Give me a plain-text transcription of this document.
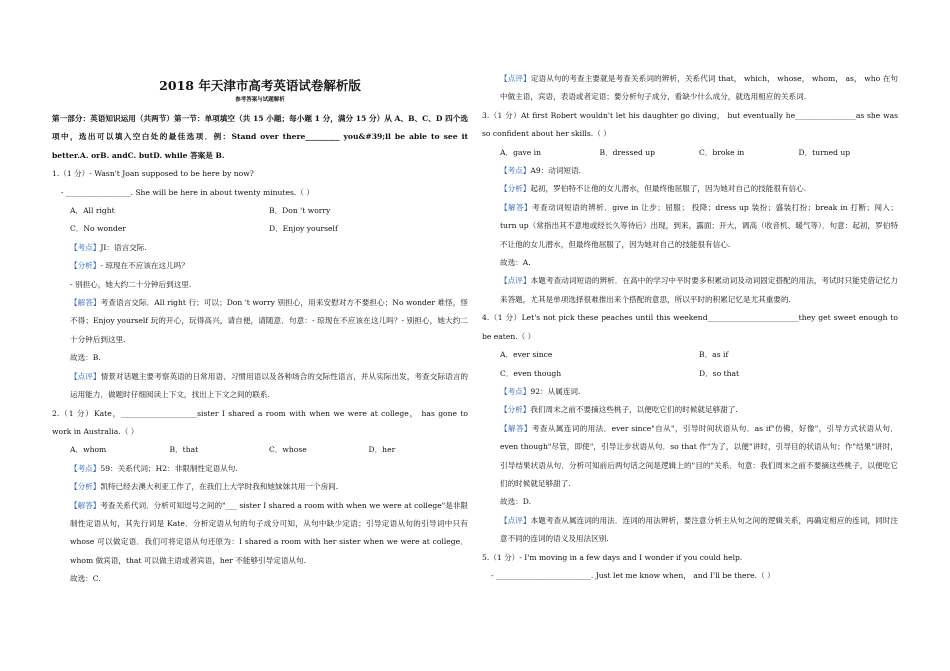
2018 年天津市高考英语试卷解析版
参考答案与试题解析
第一部分：英语知识运用（共两节）第一节：单项填空（共 15 小题；每小题 1 分，满分 15 分）从 A、B、C、D 四个选项中，选出可以填入空白处的最佳选项．例：Stand over there_________ you&#39;ll be able to see it better.A. orB. andC. butD. while 答案是 B.
1.（1 分）- Wasn't Joan supposed to be here by now?
- _________________. She will be here in about twenty minutes.（ ）
A．All right	B．Don 't worry
C．No wonder	D．Enjoy yourself
【考点】JI：语言交际.
【分析】- 琼现在不应该在这儿吗？
- 别担心，她大约二十分钟后到这里.
【解答】考查语言交际．All right 行；可以；Don 't worry 别担心，用来安慰对方不要担心；No wonder 难怪，怪不得；Enjoy yourself 玩的开心，玩得高兴，请自便，请随意．句意：- 琼现在不应该在这儿吗？- 别担心，她大约二十分钟后到这里.
故选：B.
【点评】情景对话题主要考察英语的日常用语、习惯用语以及各种场合的交际性语言，并从实际出发，考查交际语言的运用能力．做题时仔细阅读上下文，找出上下文之间的联系.
2.（1 分）Kate，____________________sister I shared a room with when we were at college， has gone to work in Australia.（ ）
A．whom	B．that	C．whose	D．her
【考点】59：关系代词；H2：非限制性定语从句.
【分析】凯特已经去澳大利亚工作了，在我们上大学时我和她妹妹共用一个房间.
【解答】考查关系代词．分析可知逗号之间的"___ sister I shared a room with when we were at college"是非限制性定语从句，其先行词是 Kate．分析定语从句的句子成分可知，从句中缺少定语；引导定语从句的引导词中只有 whose 可以做定语．我们可将定语从句还原为：I shared a room with her sister when we were at college．whom 做宾语，that 可以做主语或者宾语，her 不能够引导定语从句.
故选：C.
【点评】定语从句的考查主要就是考查关系词的辨析，关系代词 that， which， whose， whom， as， who 在句中做主语，宾语，表语或者定语；要分析句子成分，看缺少什么成分，就选用相应的关系词.
3.（1 分）At first Robert wouldn't let his daughter go diving， but eventually he________________as she was so confident about her skills.（ ）
A．gave in	B．dressed up	C．broke in	D．turned up
【考点】A9：动词短语.
【分析】起初，罗伯特不让他的女儿潜水，但最终他屈服了，因为她对自己的技能很有信心.
【解答】考查动词短语的辨析．give in 让步；屈服； 投降；dress up 装扮；盛装打扮；break in 打断；闯入； turn up（常指出其不意地或经长久等待后）出现，到来，露面；开大，调高（收音机、暖气等）．句意：起初，罗伯特不让他的女儿潜水，但最终他屈服了，因为她对自己的技能很有信心.
故选：A.
【点评】本题考查动词短语的辨析．在高中的学习中平时要多积累动词及动词固定搭配的用法，考试时只能凭借记忆力来答题，尤其是单项选择很难推出来个搭配的意思，所以平时的积累记忆是尤其重要的.
4.（1 分）Let's not pick these peaches until this weekend________________________they get sweet enough to be eaten.（ ）
A．ever since	B．as if
C．even though	D．so that
【考点】92：从属连词.
【分析】我们周末之前不要摘这些桃子，以便吃它们的时候就足够甜了.
【解答】考查从属连词的用法．ever since"自从"，引导时间状语从句．as if"仿佛，好像"，引导方式状语从句．even though"尽管，即使"，引导让步状语从句．so that 作"为了，以便"讲时，引导目的状语从句；作"结果"讲时，引导结果状语从句．分析可知前后两句话之间是逻辑上的"目的"关系．句意：我们周末之前不要摘这些桃子，以便吃它们的时候就足够甜了.
故选：D.
【点评】本题考查从属连词的用法．连词的用法辨析，要注意分析主从句之间的逻辑关系，再确定相应的连词，同时注意不同的连词的语义及用法区别.
5.（1 分）- I'm moving in a few days and I wonder if you could help.
- _________________________. Just let me know when， and I'll be there.（ ）
